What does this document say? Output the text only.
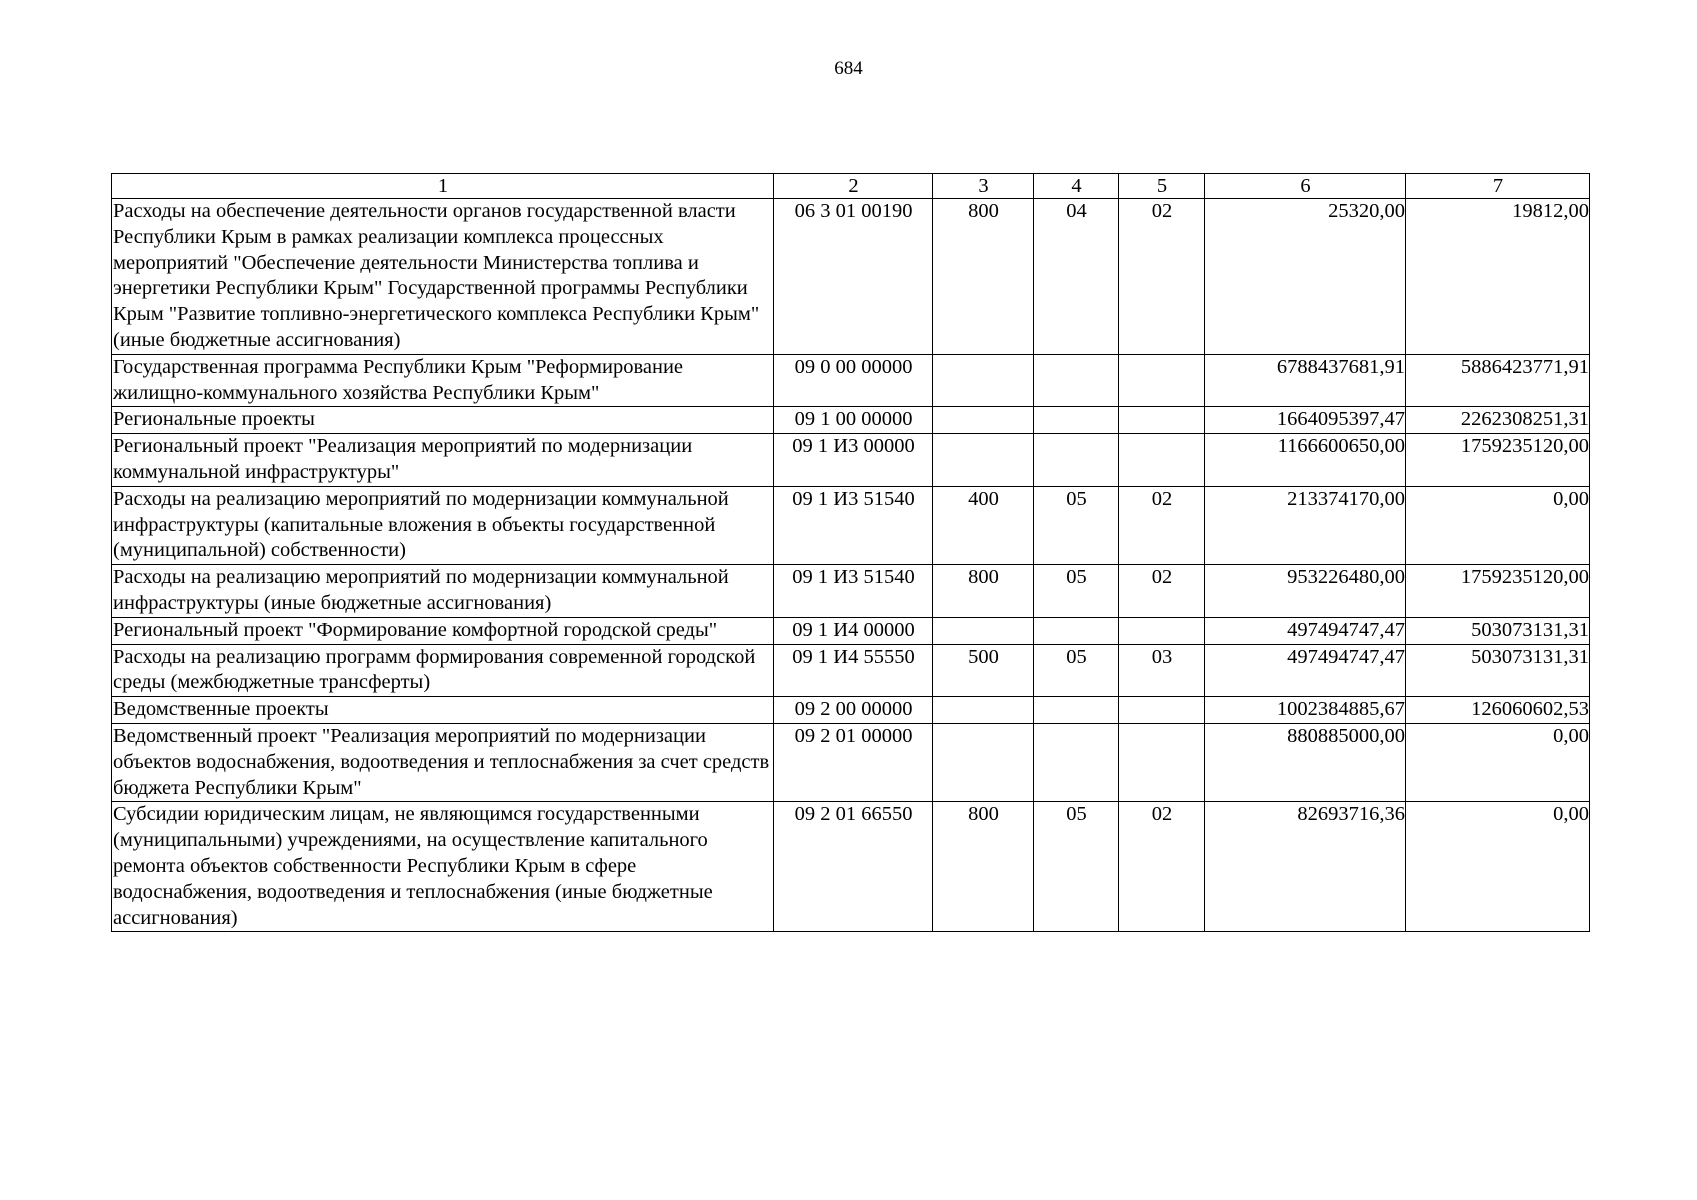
684
1	2	3	4	5	6	7
Расходы на обеспечение деятельности органов государственной власти Республики Крым в рамках реализации комплекса процессных мероприятий "Обеспечение деятельности Министерства топлива и энергетики Республики Крым" Государственной программы Республики Крым "Развитие топливно-энергетического комплекса Республики Крым" (иные бюджетные ассигнования)	06 3 01 00190	800	04	02	25320,00	19812,00
Государственная программа Республики Крым "Реформирование жилищно-коммунального хозяйства Республики Крым"	09 0 00 00000				6788437681,91	5886423771,91
Региональные проекты	09 1 00 00000				1664095397,47	2262308251,31
Региональный проект "Реализация мероприятий по модернизации коммунальной инфраструктуры"	09 1 И3 00000				1166600650,00	1759235120,00
Расходы на реализацию мероприятий по модернизации коммунальной инфраструктуры (капитальные вложения в объекты государственной (муниципальной) собственности)	09 1 И3 51540	400	05	02	213374170,00	0,00
Расходы на реализацию мероприятий по модернизации коммунальной инфраструктуры (иные бюджетные ассигнования)	09 1 И3 51540	800	05	02	953226480,00	1759235120,00
Региональный проект "Формирование комфортной городской среды"	09 1 И4 00000				497494747,47	503073131,31
Расходы на реализацию программ формирования современной городской среды (межбюджетные трансферты)	09 1 И4 55550	500	05	03	497494747,47	503073131,31
Ведомственные проекты	09 2 00 00000				1002384885,67	126060602,53
Ведомственный проект "Реализация мероприятий по модернизации объектов водоснабжения, водоотведения и теплоснабжения за счет средств бюджета Республики Крым"	09 2 01 00000				880885000,00	0,00
Субсидии юридическим лицам, не являющимся государственными (муниципальными) учреждениями, на осуществление капитального ремонта объектов собственности Республики Крым в сфере водоснабжения, водоотведения и теплоснабжения (иные бюджетные ассигнования)	09 2 01 66550	800	05	02	82693716,36	0,00
